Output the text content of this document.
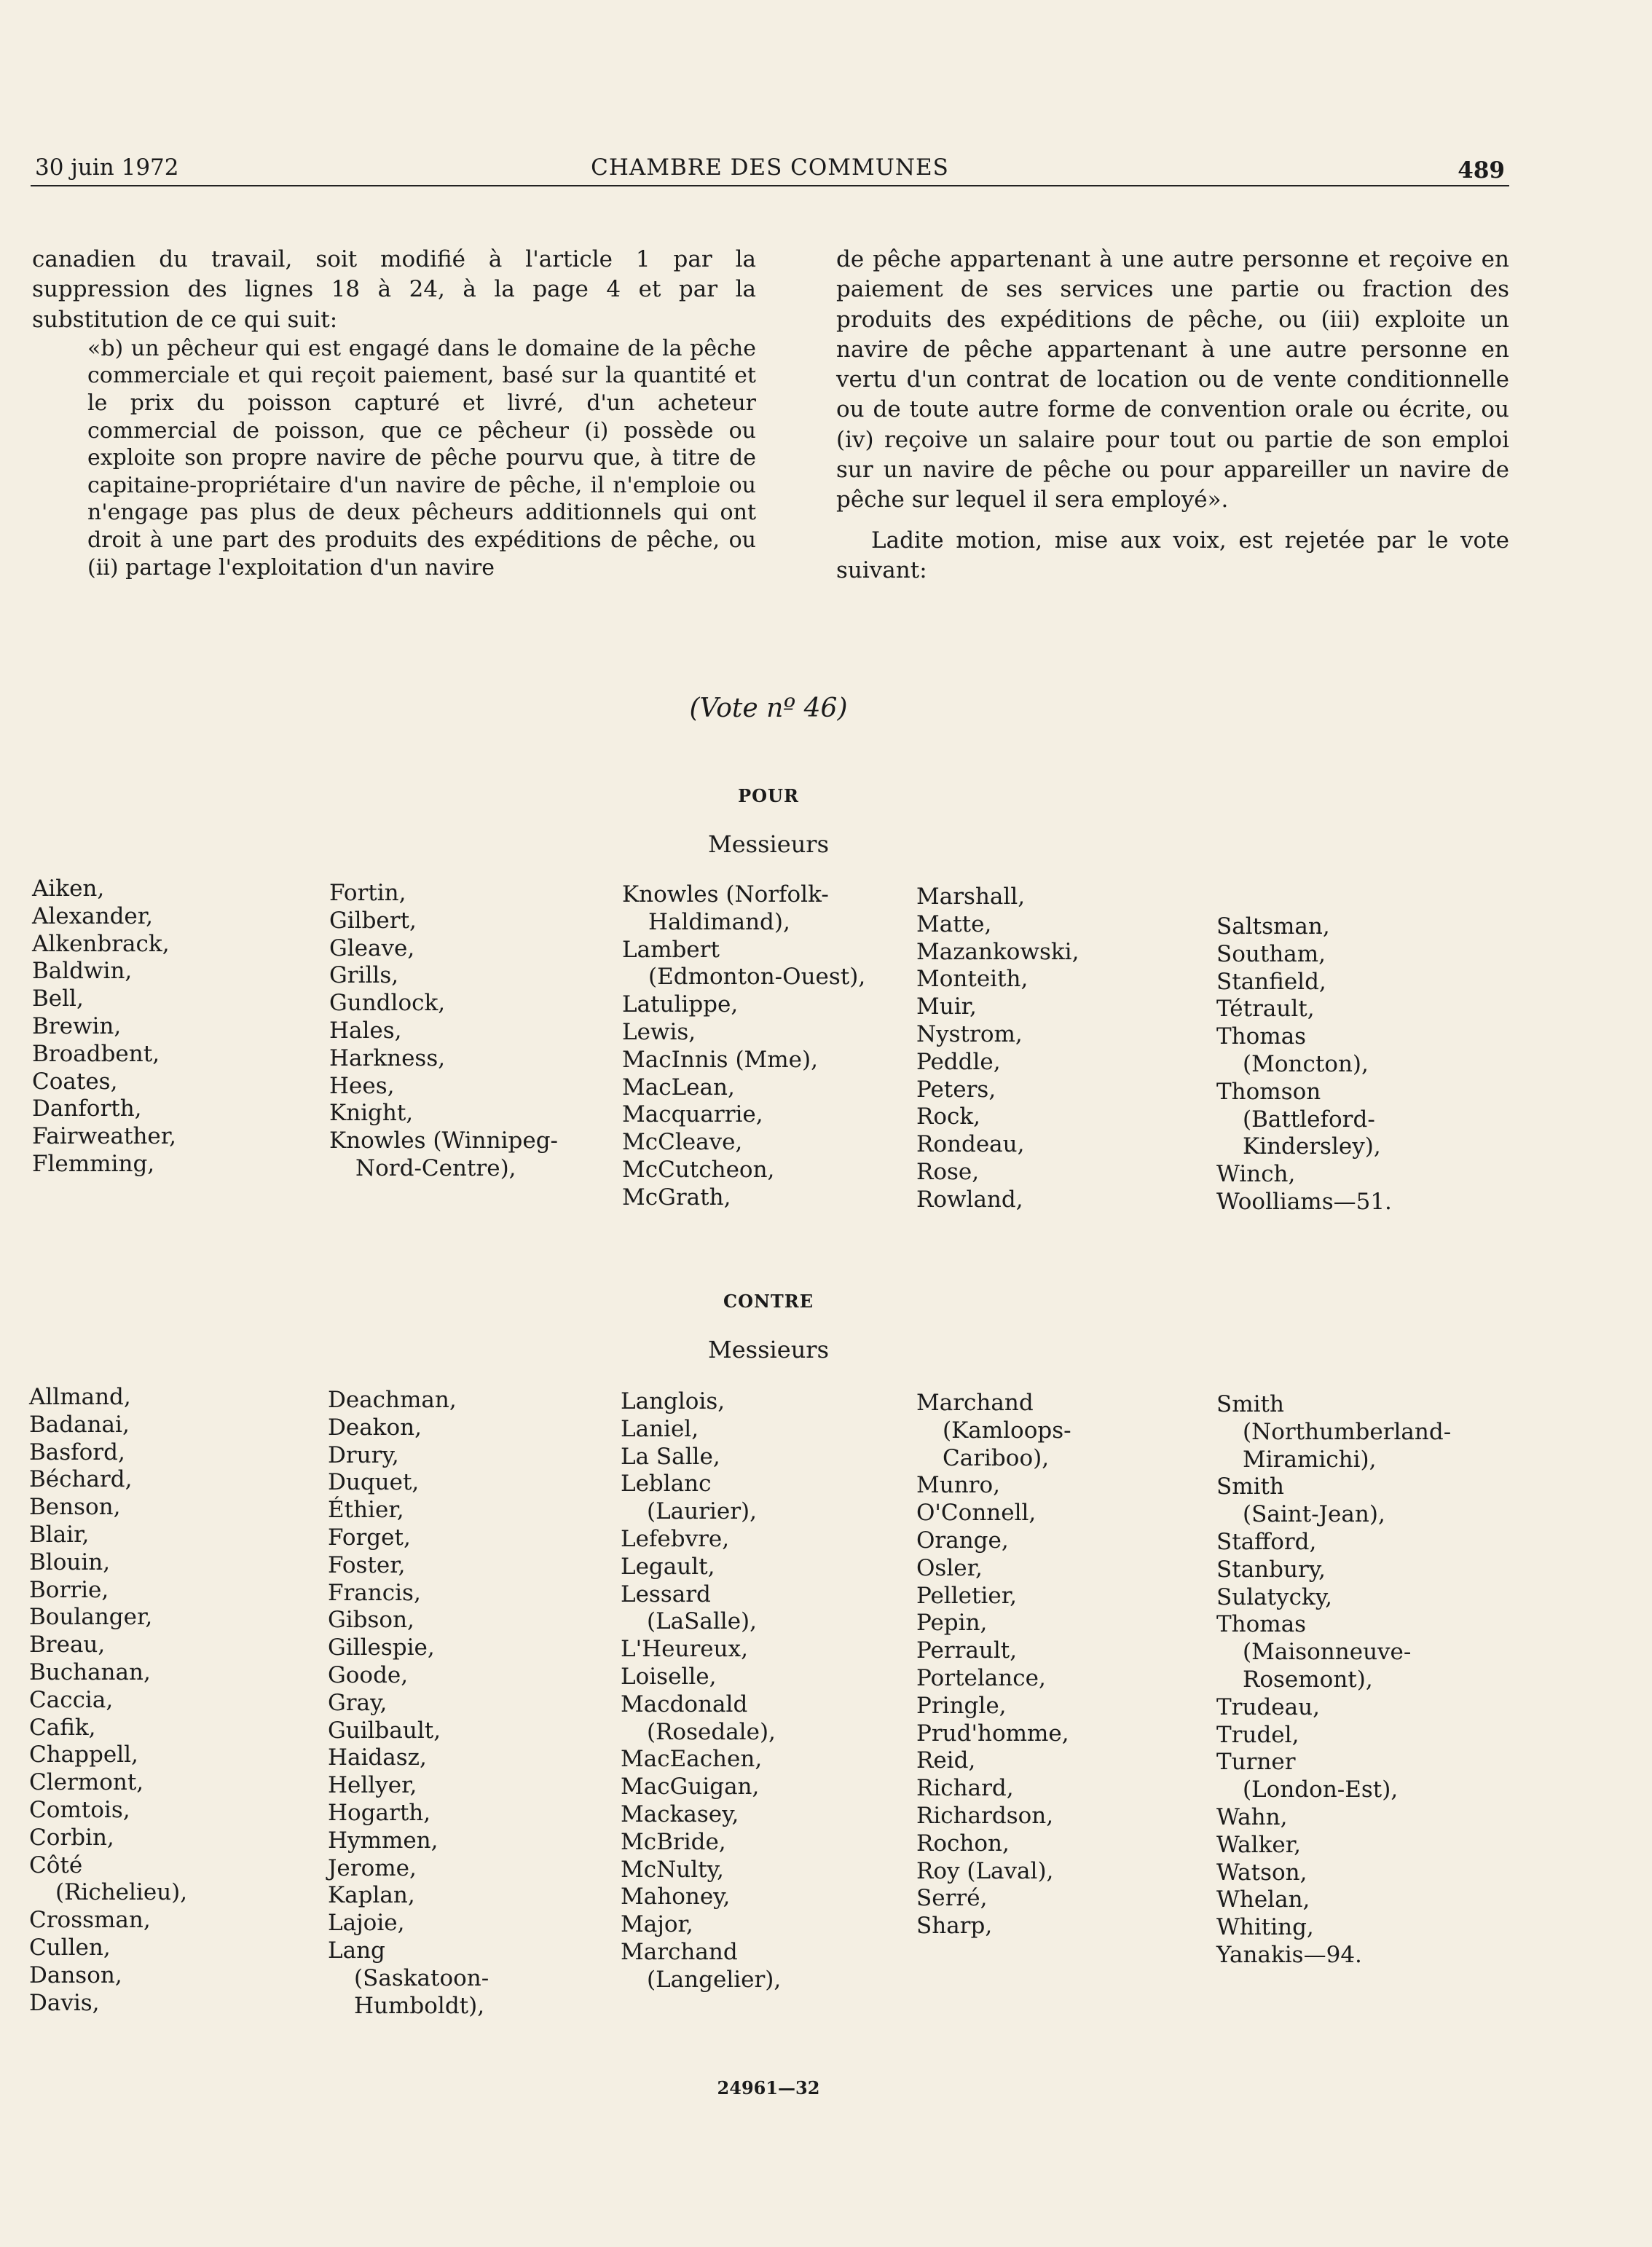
30 juin 1972	CHAMBRE DES COMMUNES	489

canadien du travail, soit modifié à l'article 1 par la suppression des lignes 18 à 24, à la page 4 et par la substitution de ce qui suit:

«b) un pêcheur qui est engagé dans le domaine de la pêche commerciale et qui reçoit paiement, basé sur la quantité et le prix du poisson capturé et livré, d'un acheteur commercial de poisson, que ce pêcheur (i) possède ou exploite son propre navire de pêche pourvu que, à titre de capitaine-propriétaire d'un navire de pêche, il n'emploie ou n'engage pas plus de deux pêcheurs additionnels qui ont droit à une part des produits des expéditions de pêche, ou (ii) partage l'exploitation d'un navire

de pêche appartenant à une autre personne et reçoive en paiement de ses services une partie ou fraction des produits des expéditions de pêche, ou (iii) exploite un navire de pêche appartenant à une autre personne en vertu d'un contrat de location ou de vente conditionnelle ou de toute autre forme de convention orale ou écrite, ou (iv) reçoive un salaire pour tout ou partie de son emploi sur un navire de pêche ou pour appareiller un navire de pêche sur lequel il sera employé».

Ladite motion, mise aux voix, est rejetée par le vote suivant:

(Vote nº 46)
POUR
Messieurs
Aiken,
Alexander,
Alkenbrack,
Baldwin,
Bell,
Brewin,
Broadbent,
Coates,
Danforth,
Fairweather,
Flemming,
Fortin,
Gilbert,
Gleave,
Grills,
Gundlock,
Hales,
Harkness,
Hees,
Knight,
Knowles (Winnipeg-
Nord-Centre),
Knowles (Norfolk-
Haldimand),
Lambert
(Edmonton-Ouest),
Latulippe,
Lewis,
MacInnis (Mme),
MacLean,
Macquarrie,
McCleave,
McCutcheon,
McGrath,
Marshall,
Matte,
Mazankowski,
Monteith,
Muir,
Nystrom,
Peddle,
Peters,
Rock,
Rondeau,
Rose,
Rowland,
Saltsman,
Southam,
Stanfield,
Tétrault,
Thomas
(Moncton),
Thomson
(Battleford-
Kindersley),
Winch,
Woolliams—51.
CONTRE
Messieurs
Allmand,
Badanai,
Basford,
Béchard,
Benson,
Blair,
Blouin,
Borrie,
Boulanger,
Breau,
Buchanan,
Caccia,
Cafik,
Chappell,
Clermont,
Comtois,
Corbin,
Côté
(Richelieu),
Crossman,
Cullen,
Danson,
Davis,
Deachman,
Deakon,
Drury,
Duquet,
Éthier,
Forget,
Foster,
Francis,
Gibson,
Gillespie,
Goode,
Gray,
Guilbault,
Haidasz,
Hellyer,
Hogarth,
Hymmen,
Jerome,
Kaplan,
Lajoie,
Lang
(Saskatoon-
Humboldt),
Langlois,
Laniel,
La Salle,
Leblanc
(Laurier),
Lefebvre,
Legault,
Lessard
(LaSalle),
L'Heureux,
Loiselle,
Macdonald
(Rosedale),
MacEachen,
MacGuigan,
Mackasey,
McBride,
McNulty,
Mahoney,
Major,
Marchand
(Langelier),
Marchand
(Kamloops-
Cariboo),
Munro,
O'Connell,
Orange,
Osler,
Pelletier,
Pepin,
Perrault,
Portelance,
Pringle,
Prud'homme,
Reid,
Richard,
Richardson,
Rochon,
Roy (Laval),
Serré,
Sharp,
Smith
(Northumberland-
Miramichi),
Smith
(Saint-Jean),
Stafford,
Stanbury,
Sulatycky,
Thomas
(Maisonneuve-
Rosemont),
Trudeau,
Trudel,
Turner
(London-Est),
Wahn,
Walker,
Watson,
Whelan,
Whiting,
Yanakis—94.
24961—32
